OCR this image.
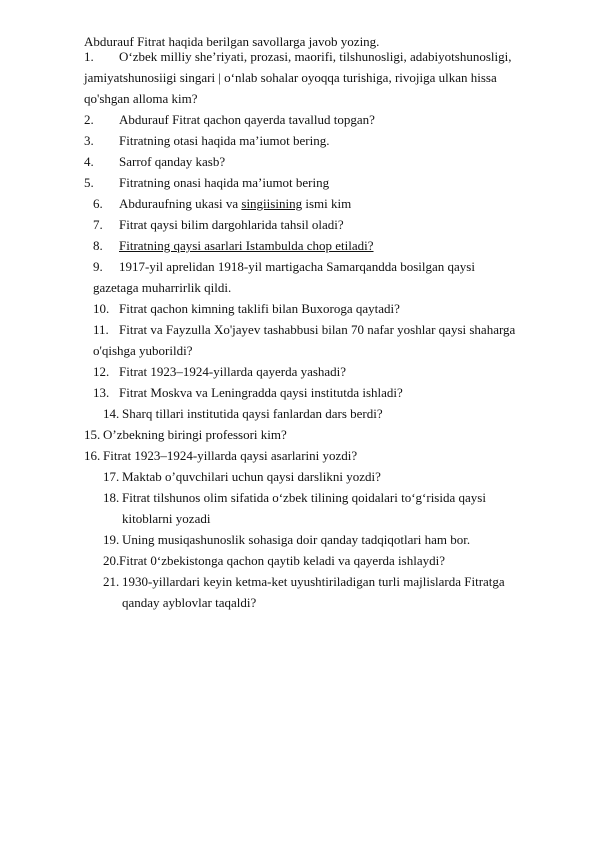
Abdurauf Fitrat haqida berilgan savollarga javob yozing.
1. O‘zbek milliy she’riyati, prozasi, maorifi, tilshunosligi, adabiyotshunosligi,
jamiyatshunosiigi singari | o‘nlab sohalar oyoqqa turishiga, rivojiga ulkan hissa
qo'shgan alloma kim?
2. Abdurauf Fitrat qachon qayerda tavallud topgan?
3. Fitratning otasi haqida ma’iumot bering.
4. Sarrof qanday kasb?
5. Fitratning onasi haqida ma’iumot bering
6. Abduraufning ukasi va singiisining ismi kim
7. Fitrat qaysi bilim dargohlarida tahsil oladi?
8. Fitratning qaysi asarlari Istambulda chop etiladi?
9. 1917-yil aprelidan 1918-yil martigacha Samarqandda bosilgan qaysi
gazetaga muharrirlik qildi.
10. Fitrat qachon kimning taklifi bilan Buxoroga qaytadi?
11. Fitrat va Fayzulla Xo'jayev tashabbusi bilan 70 nafar yoshlar qaysi shaharga
o'qishga yuborildi?
12. Fitrat 1923–1924-yillarda qayerda yashadi?
13. Fitrat Moskva va Leningradda qaysi institutda ishladi?
14. Sharq tillari institutida qaysi fanlardan dars berdi?
15. O’zbekning biringi professori kim?
16. Fitrat 1923–1924-yillarda qaysi asarlarini yozdi?
17. Maktab o’quvchilari uchun qaysi darslikni yozdi?
18. Fitrat tilshunos olim sifatida o‘zbek tilining qoidalari to‘g‘risida qaysi
kitoblarni yozadi
19. Uning musiqashunoslik sohasiga doir qanday tadqiqotlari ham bor.
20. Fitrat 0‘zbekistonga qachon qaytib keladi va qayerda ishlaydi?
21. 1930-yillardari keyin ketma-ket uyushtiriladigan turli majlislarda Fitratga
qanday ayblovlar taqaldi?
